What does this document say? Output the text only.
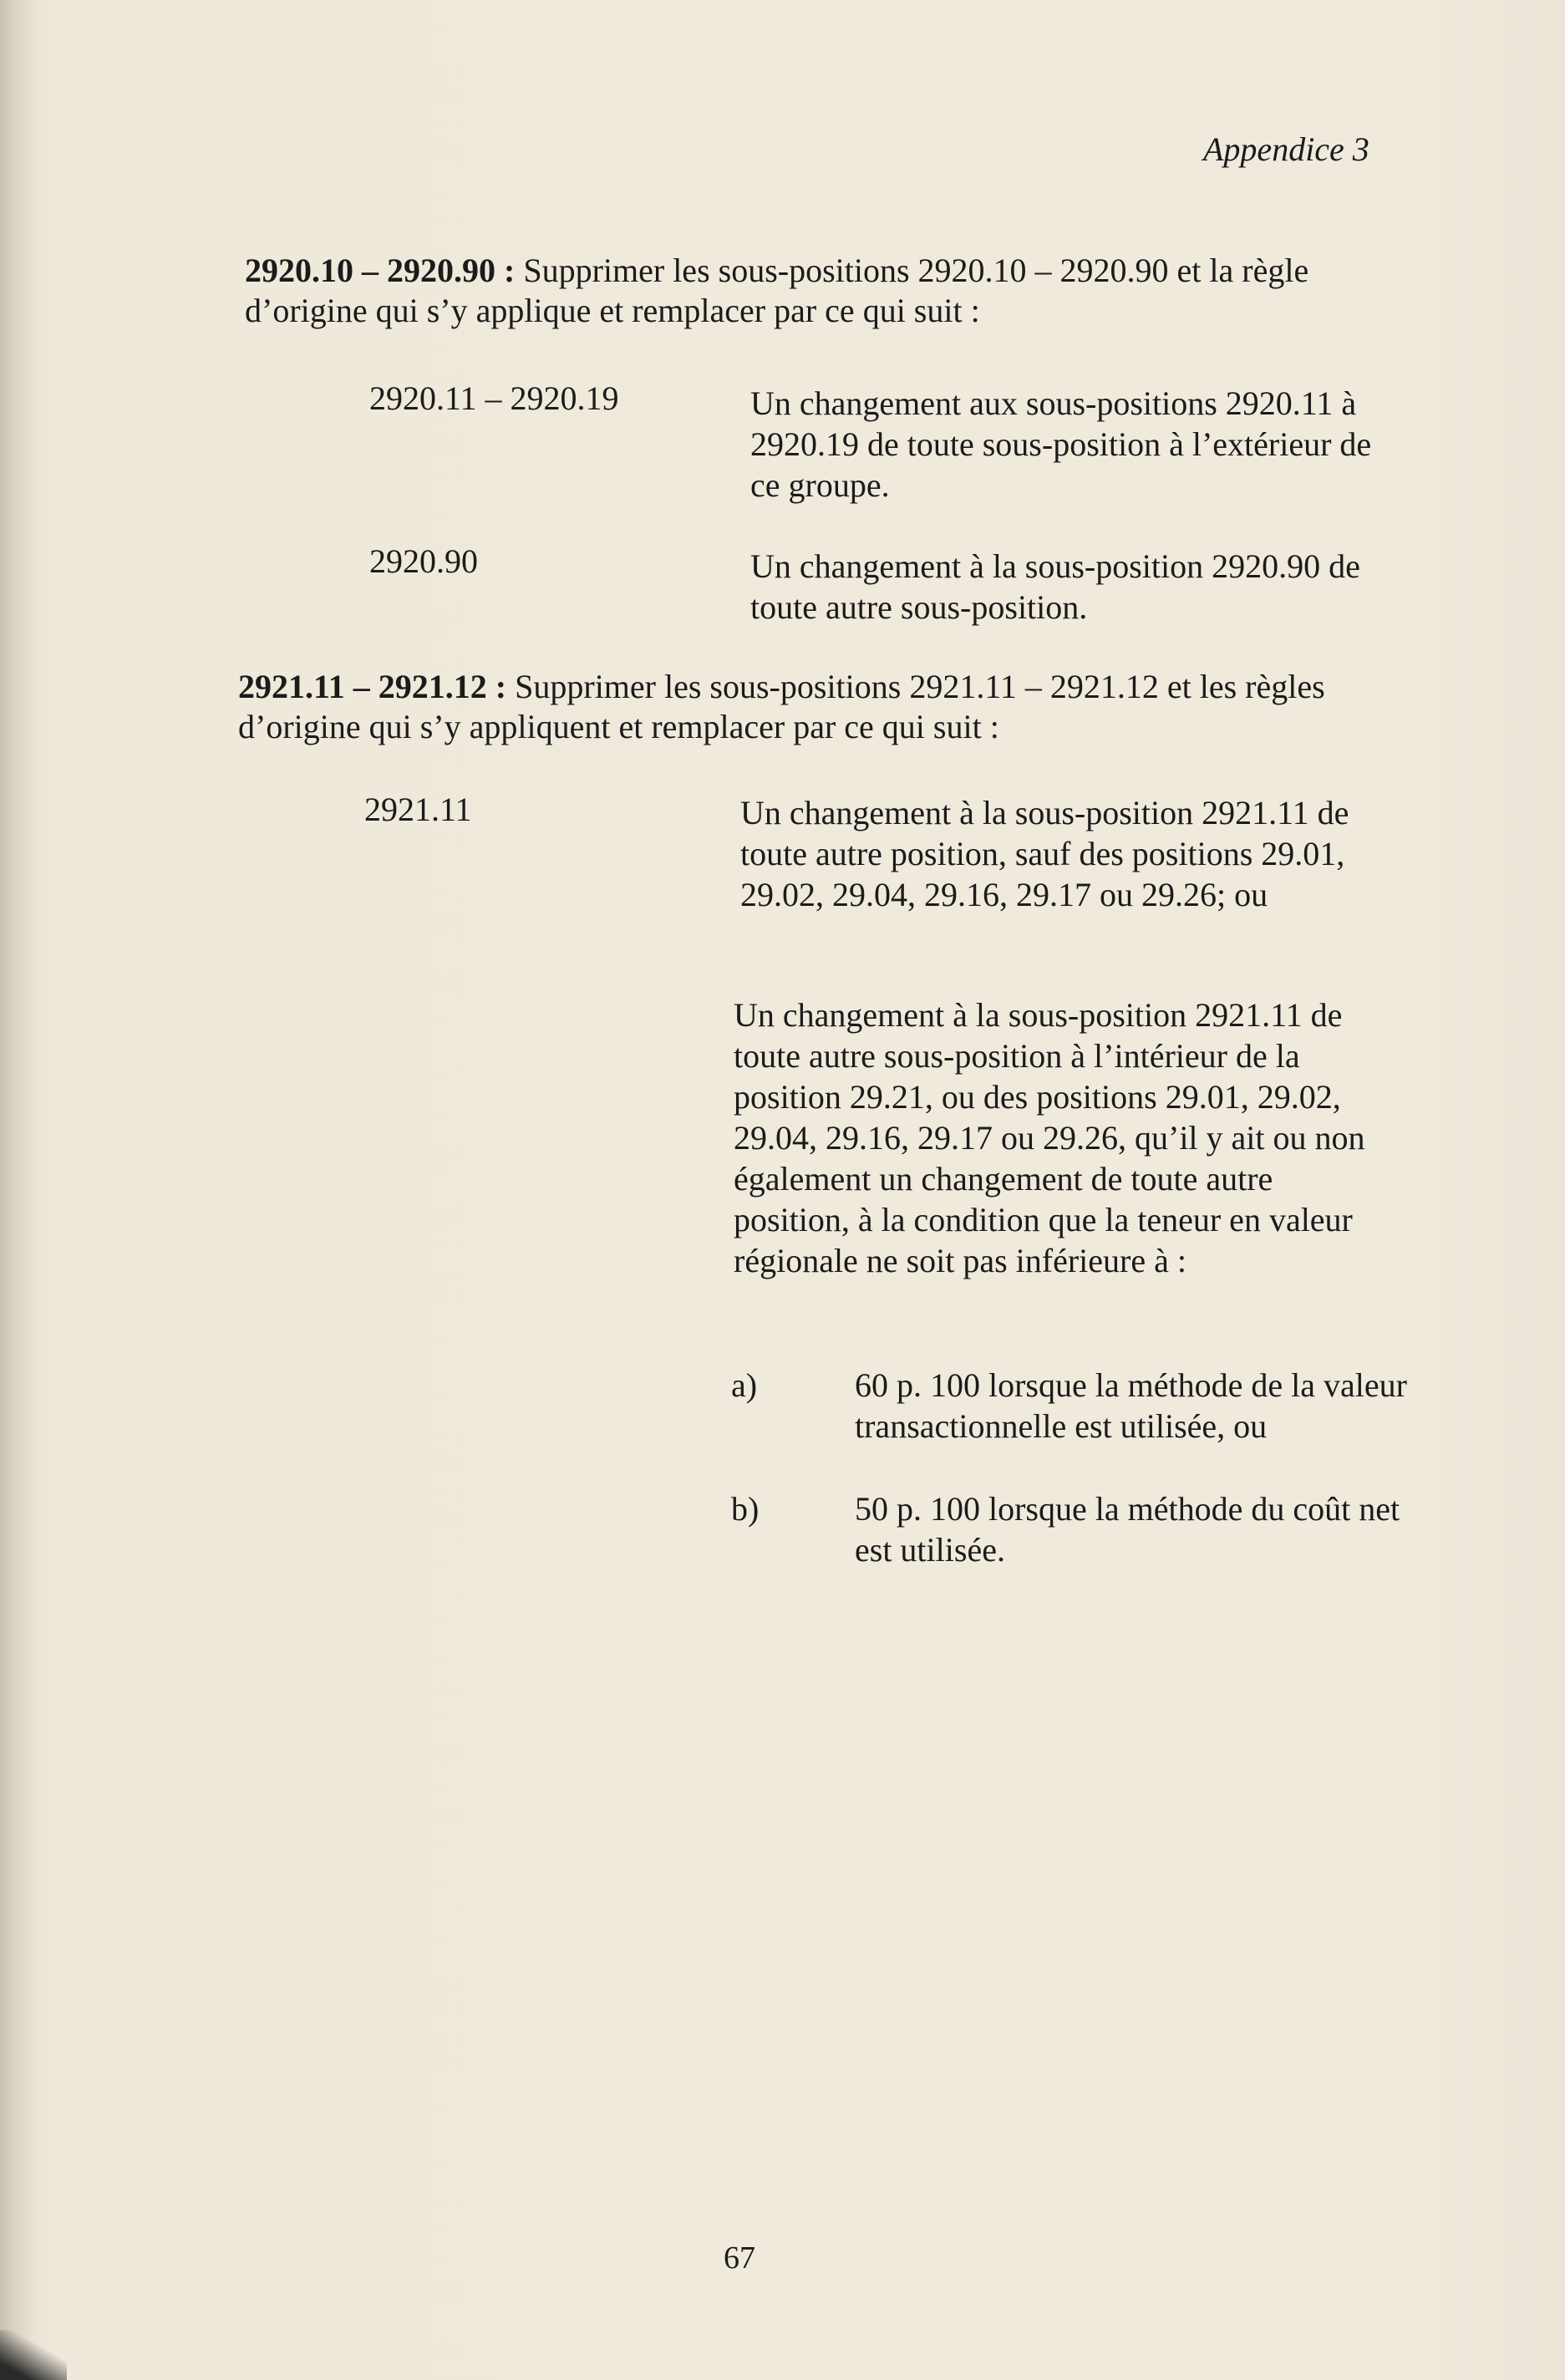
Appendice 3
2920.10 – 2920.90 : Supprimer les sous-positions 2920.10 – 2920.90 et la règle d’origine qui s’y applique et remplacer par ce qui suit :
2920.11 – 2920.19	Un changement aux sous-positions 2920.11 à 2920.19 de toute sous-position à l’extérieur de ce groupe.
2920.90	Un changement à la sous-position 2920.90 de toute autre sous-position.
2921.11 – 2921.12 : Supprimer les sous-positions 2921.11 – 2921.12 et les règles d’origine qui s’y appliquent et remplacer par ce qui suit :
2921.11	Un changement à la sous-position 2921.11 de toute autre position, sauf des positions 29.01, 29.02, 29.04, 29.16, 29.17 ou 29.26; ou
Un changement à la sous-position 2921.11 de toute autre sous-position à l’intérieur de la position 29.21, ou des positions 29.01, 29.02, 29.04, 29.16, 29.17 ou 29.26, qu’il y ait ou non également un changement de toute autre position, à la condition que la teneur en valeur régionale ne soit pas inférieure à :
a)	60 p. 100 lorsque la méthode de la valeur transactionnelle est utilisée, ou
b)	50 p. 100 lorsque la méthode du coût net est utilisée.
67
